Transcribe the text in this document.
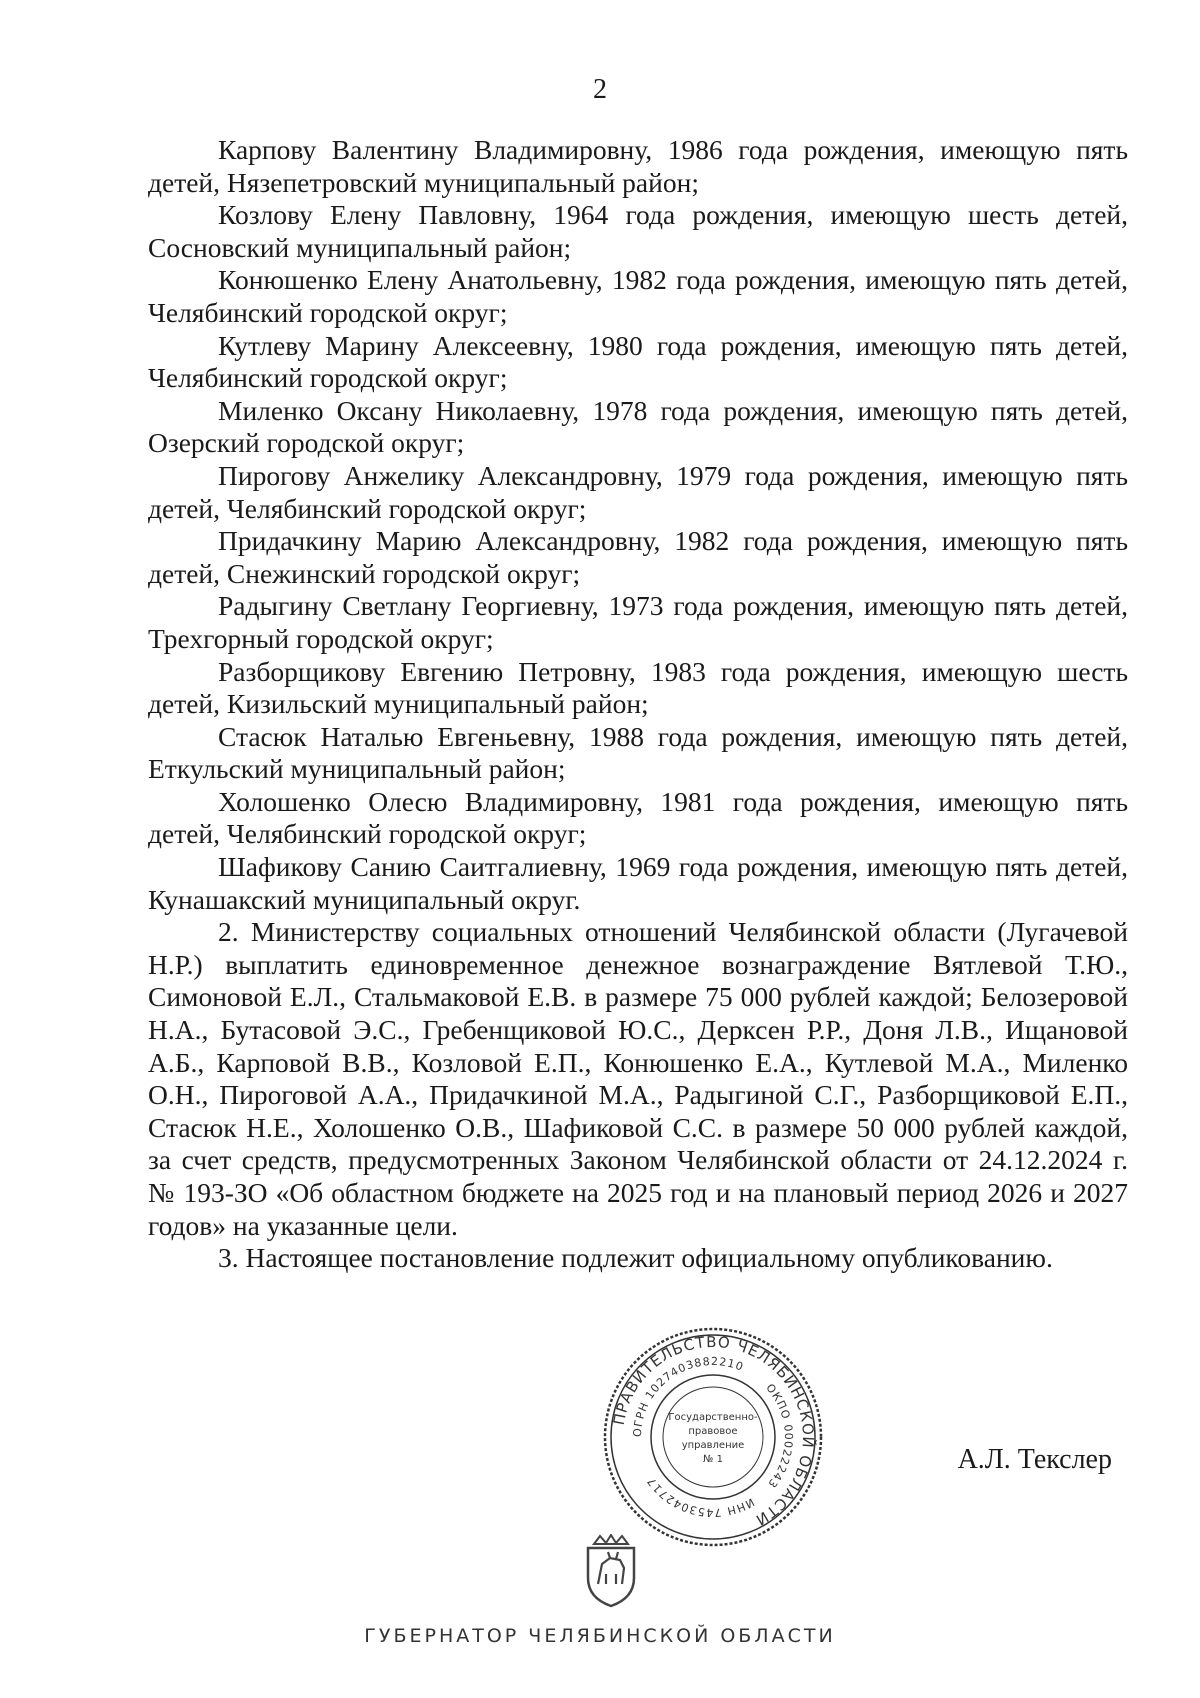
2

Карпову Валентину Владимировну, 1986 года рождения, имеющую пять детей, Нязепетровский муниципальный район;

Козлову Елену Павловну, 1964 года рождения, имеющую шесть детей, Сосновский муниципальный район;

Конюшенко Елену Анатольевну, 1982 года рождения, имеющую пять детей, Челябинский городской округ;

Кутлеву Марину Алексеевну, 1980 года рождения, имеющую пять детей, Челябинский городской округ;

Миленко Оксану Николаевну, 1978 года рождения, имеющую пять детей, Озерский городской округ;

Пирогову Анжелику Александровну, 1979 года рождения, имеющую пять детей, Челябинский городской округ;

Придачкину Марию Александровну, 1982 года рождения, имеющую пять детей, Снежинский городской округ;

Радыгину Светлану Георгиевну, 1973 года рождения, имеющую пять детей, Трехгорный городской округ;

Разборщикову Евгению Петровну, 1983 года рождения, имеющую шесть детей, Кизильский муниципальный район;

Стасюк Наталью Евгеньевну, 1988 года рождения, имеющую пять детей, Еткульский муниципальный район;

Холошенко Олесю Владимировну, 1981 года рождения, имеющую пять детей, Челябинский городской округ;

Шафикову Санию Саитгалиевну, 1969 года рождения, имеющую пять детей, Кунашакский муниципальный округ.

2. Министерству социальных отношений Челябинской области (Лугачевой Н.Р.) выплатить единовременное денежное вознаграждение Вятлевой Т.Ю., Симоновой Е.Л., Стальмаковой Е.В. в размере 75 000 рублей каждой; Белозеровой Н.А., Бутасовой Э.С., Гребенщиковой Ю.С., Дерксен Р.Р., Доня Л.В., Ищановой А.Б., Карповой В.В., Козловой Е.П., Конюшенко Е.А., Кутлевой М.А., Миленко О.Н., Пироговой А.А., Придачкиной М.А., Радыгиной С.Г., Разборщиковой Е.П., Стасюк Н.Е., Холошенко О.В., Шафиковой С.С. в размере 50 000 рублей каждой, за счет средств, предусмотренных Законом Челябинской области от 24.12.2024 г. № 193-ЗО «Об областном бюджете на 2025 год и на плановый период 2026 и 2027 годов» на указанные цели.

3. Настоящее постановление подлежит официальному опубликованию.

ПРАВИТЕЛЬСТВО ЧЕЛЯБИНСКОЙ ОБЛАСТИ
ОГРН 1027403882210
ОКПО 00022243
ИНН 7453042717
Государственно-
правовое
управление
№ 1	А.Л. Текслер
ГУБЕРНАТОР ЧЕЛЯБИНСКОЙ ОБЛАСТИ
